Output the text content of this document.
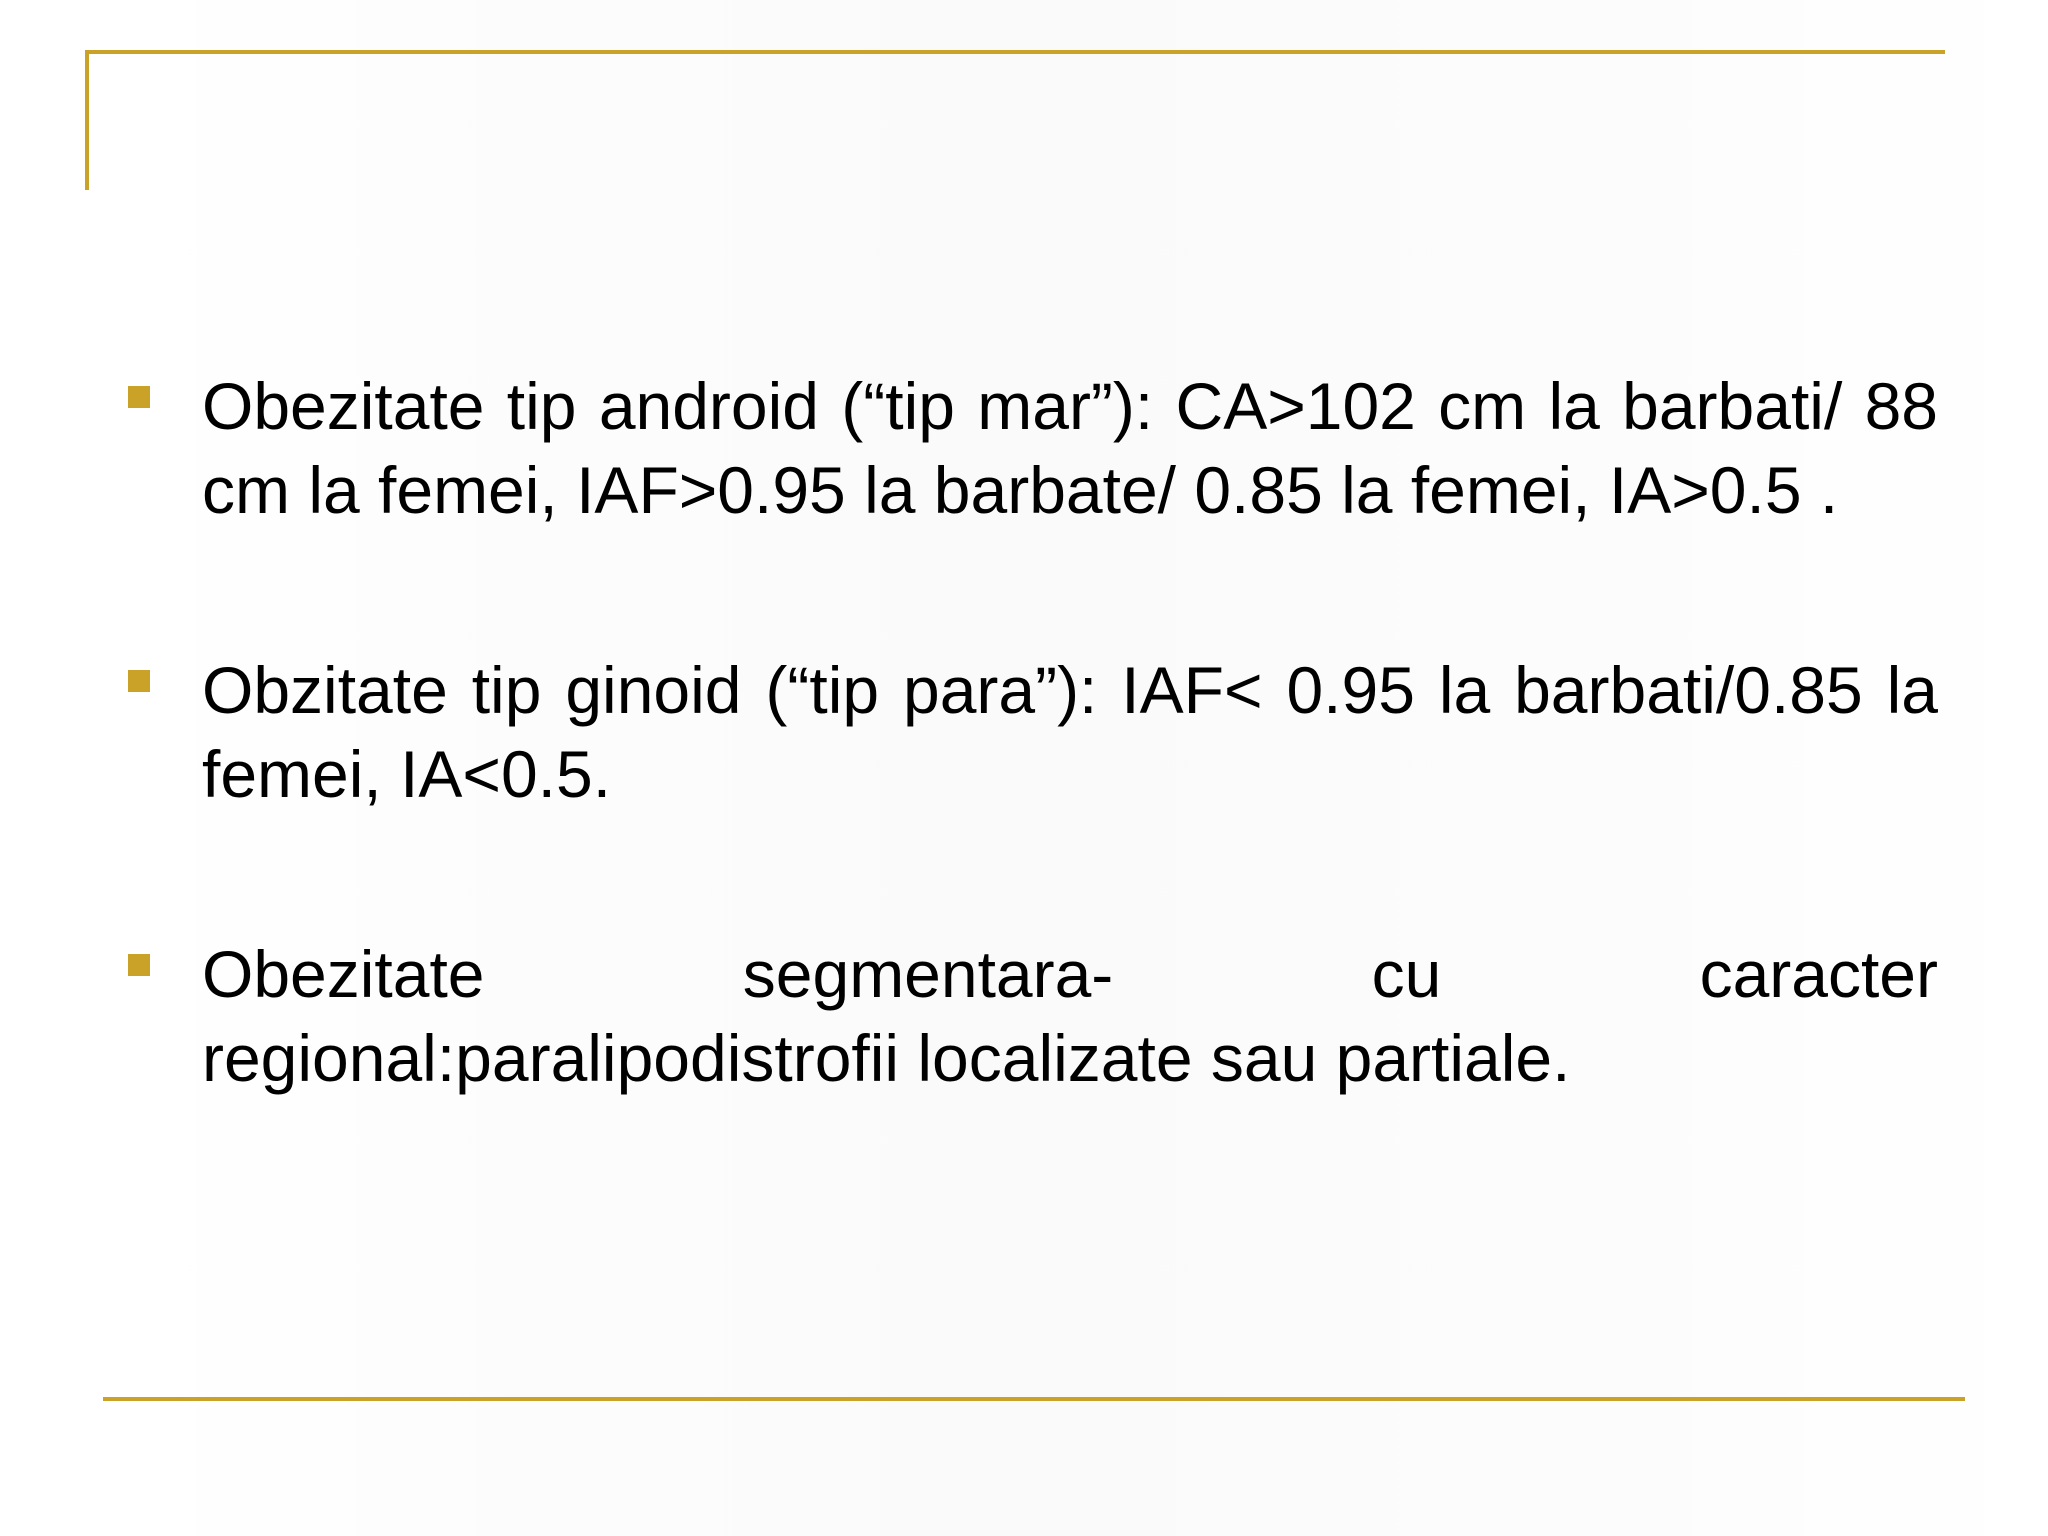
Obezitate tip android (“tip mar”): CA>102 cm la barbati/ 88 cm la femei, IAF>0.95 la barbate/ 0.85 la femei, IA>0.5 .
Obzitate tip ginoid (“tip para”): IAF< 0.95 la barbati/0.85 la femei, IA<0.5.
Obezitate	segmentara-	cu	caracter
regional:paralipodistrofii localizate sau partiale.
